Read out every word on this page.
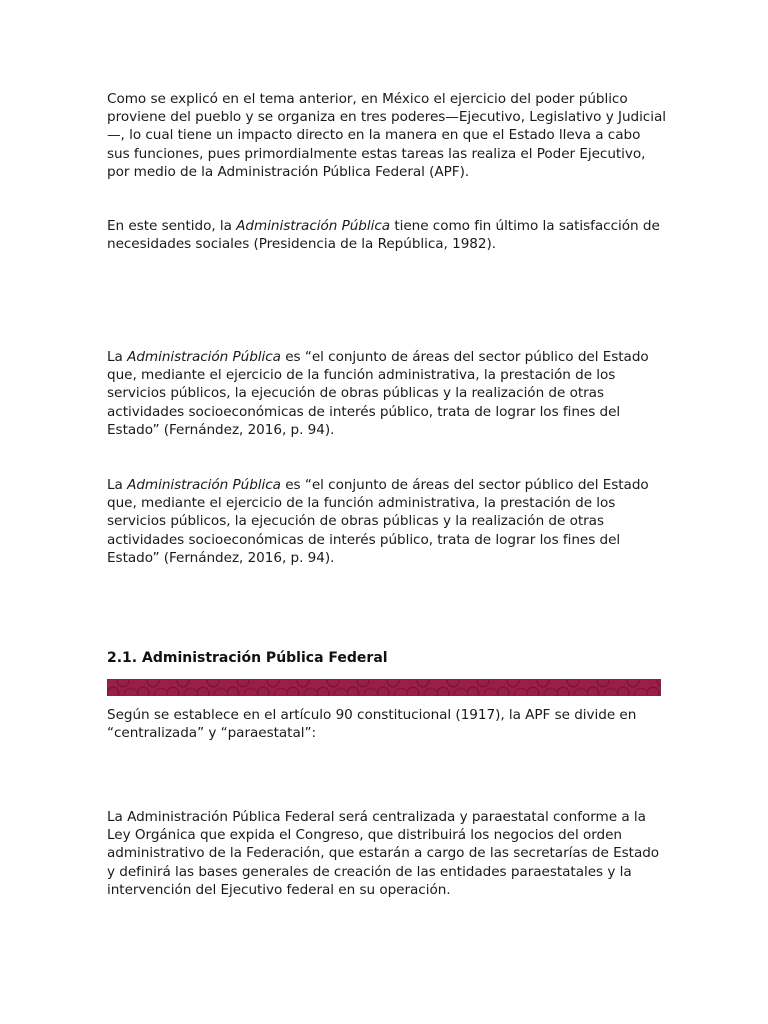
Como se explicó en el tema anterior, en México el ejercicio del poder público proviene del pueblo y se organiza en tres poderes—Ejecutivo, Legislativo y Judicial—, lo cual tiene un impacto directo en la manera en que el Estado lleva a cabo sus funciones, pues primordialmente estas tareas las realiza el Poder Ejecutivo, por medio de la Administración Pública Federal (APF).

En este sentido, la Administración Pública tiene como fin último la satisfacción de necesidades sociales (Presidencia de la República, 1982).

La Administración Pública es “el conjunto de áreas del sector público del Estado que, mediante el ejercicio de la función administrativa, la prestación de los servicios públicos, la ejecución de obras públicas y la realización de otras actividades socioeconómicas de interés público, trata de lograr los fines del Estado” (Fernández, 2016, p. 94).

La Administración Pública es “el conjunto de áreas del sector público del Estado que, mediante el ejercicio de la función administrativa, la prestación de los servicios públicos, la ejecución de obras públicas y la realización de otras actividades socioeconómicas de interés público, trata de lograr los fines del Estado” (Fernández, 2016, p. 94).

2.1. Administración Pública Federal

Según se establece en el artículo 90 constitucional (1917), la APF se divide en “centralizada” y “paraestatal”:

La Administración Pública Federal será centralizada y paraestatal conforme a la Ley Orgánica que expida el Congreso, que distribuirá los negocios del orden administrativo de la Federación, que estarán a cargo de las secretarías de Estado y definirá las bases generales de creación de las entidades paraestatales y la intervención del Ejecutivo federal en su operación.
